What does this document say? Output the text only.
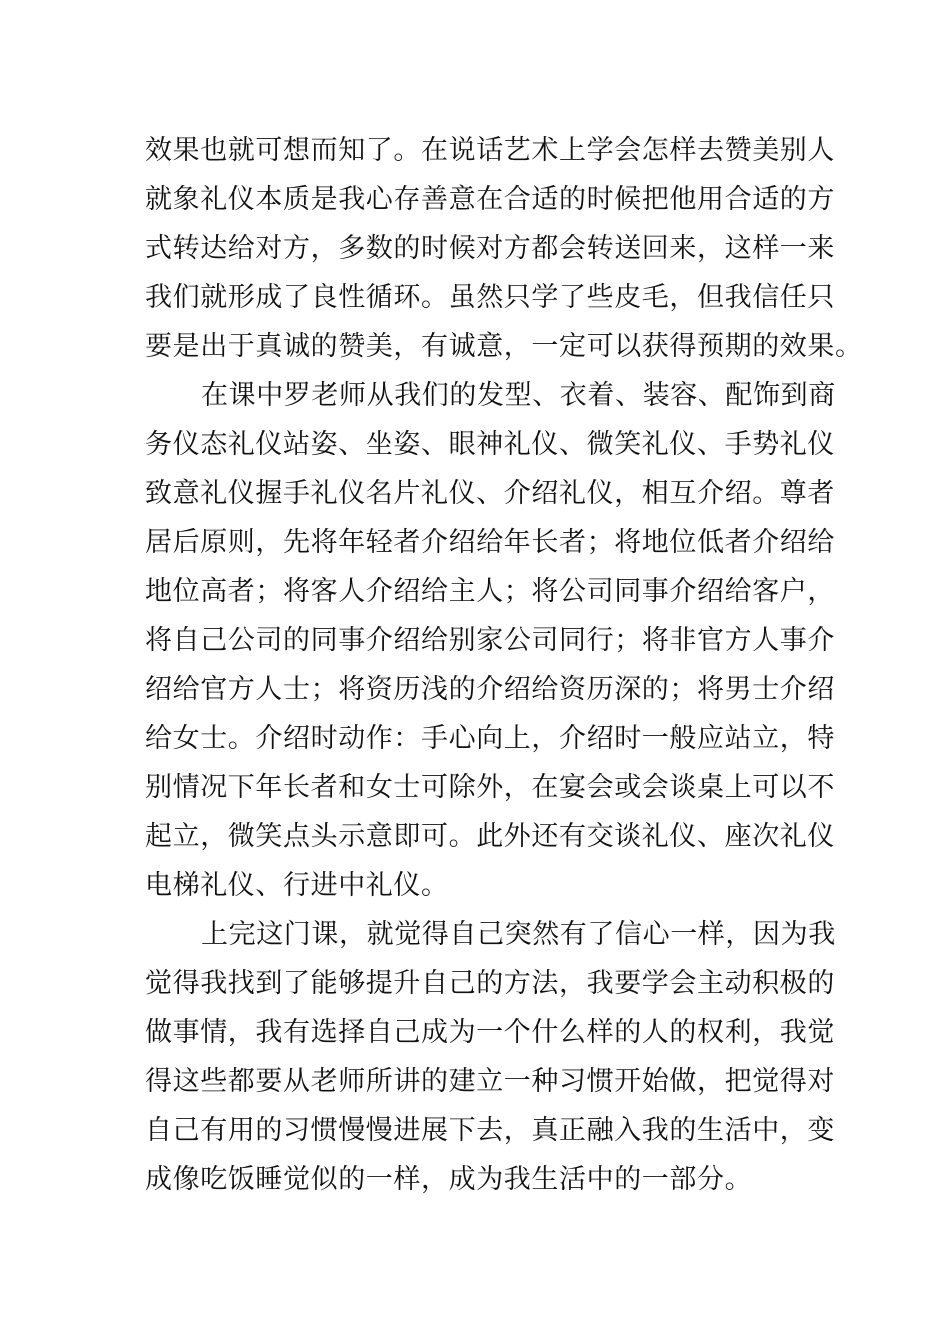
效果也就可想而知了。在说话艺术上学会怎样去赞美别人
就象礼仪本质是我心存善意在合适的时候把他用合适的方
式转达给对方，多数的时候对方都会转送回来，这样一来
我们就形成了良性循环。虽然只学了些皮毛，但我信任只
要是出于真诚的赞美，有诚意，一定可以获得预期的效果。
在课中罗老师从我们的发型、衣着、装容、配饰到商
务仪态礼仪站姿、坐姿、眼神礼仪、微笑礼仪、手势礼仪
致意礼仪握手礼仪名片礼仪、介绍礼仪，相互介绍。尊者
居后原则，先将年轻者介绍给年长者；将地位低者介绍给
地位高者；将客人介绍给主人；将公司同事介绍给客户，
将自己公司的同事介绍给别家公司同行；将非官方人事介
绍给官方人士；将资历浅的介绍给资历深的；将男士介绍
给女士。介绍时动作：手心向上，介绍时一般应站立，特
别情况下年长者和女士可除外，在宴会或会谈桌上可以不
起立，微笑点头示意即可。此外还有交谈礼仪、座次礼仪
电梯礼仪、行进中礼仪。
上完这门课，就觉得自己突然有了信心一样，因为我
觉得我找到了能够提升自己的方法，我要学会主动积极的
做事情，我有选择自己成为一个什么样的人的权利，我觉
得这些都要从老师所讲的建立一种习惯开始做，把觉得对
自己有用的习惯慢慢进展下去，真正融入我的生活中，变
成像吃饭睡觉似的一样，成为我生活中的一部分。
